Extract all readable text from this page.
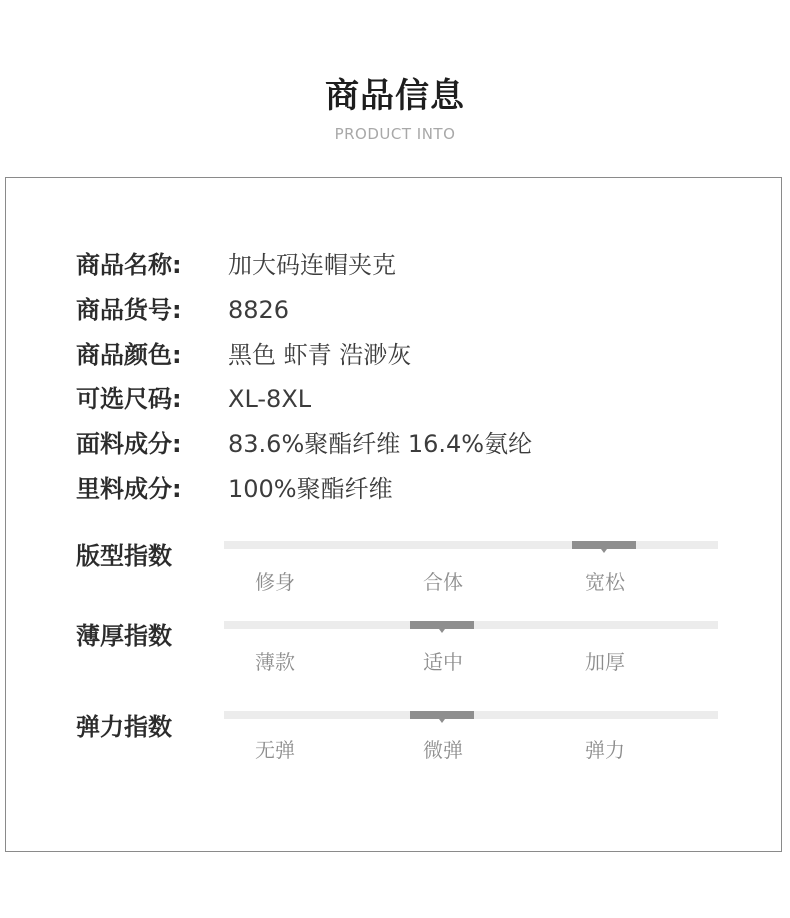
商品信息
PRODUCT INTO
商品名称: 加大码连帽夹克
商品货号: 8826
商品颜色: 黑色 虾青 浩渺灰
可选尺码: XL-8XL
面料成分: 83.6%聚酯纤维 16.4%氨纶
里料成分: 100%聚酯纤维
版型指数
修身	合体	宽松
薄厚指数
薄款	适中	加厚
弹力指数
无弹	微弹	弹力
